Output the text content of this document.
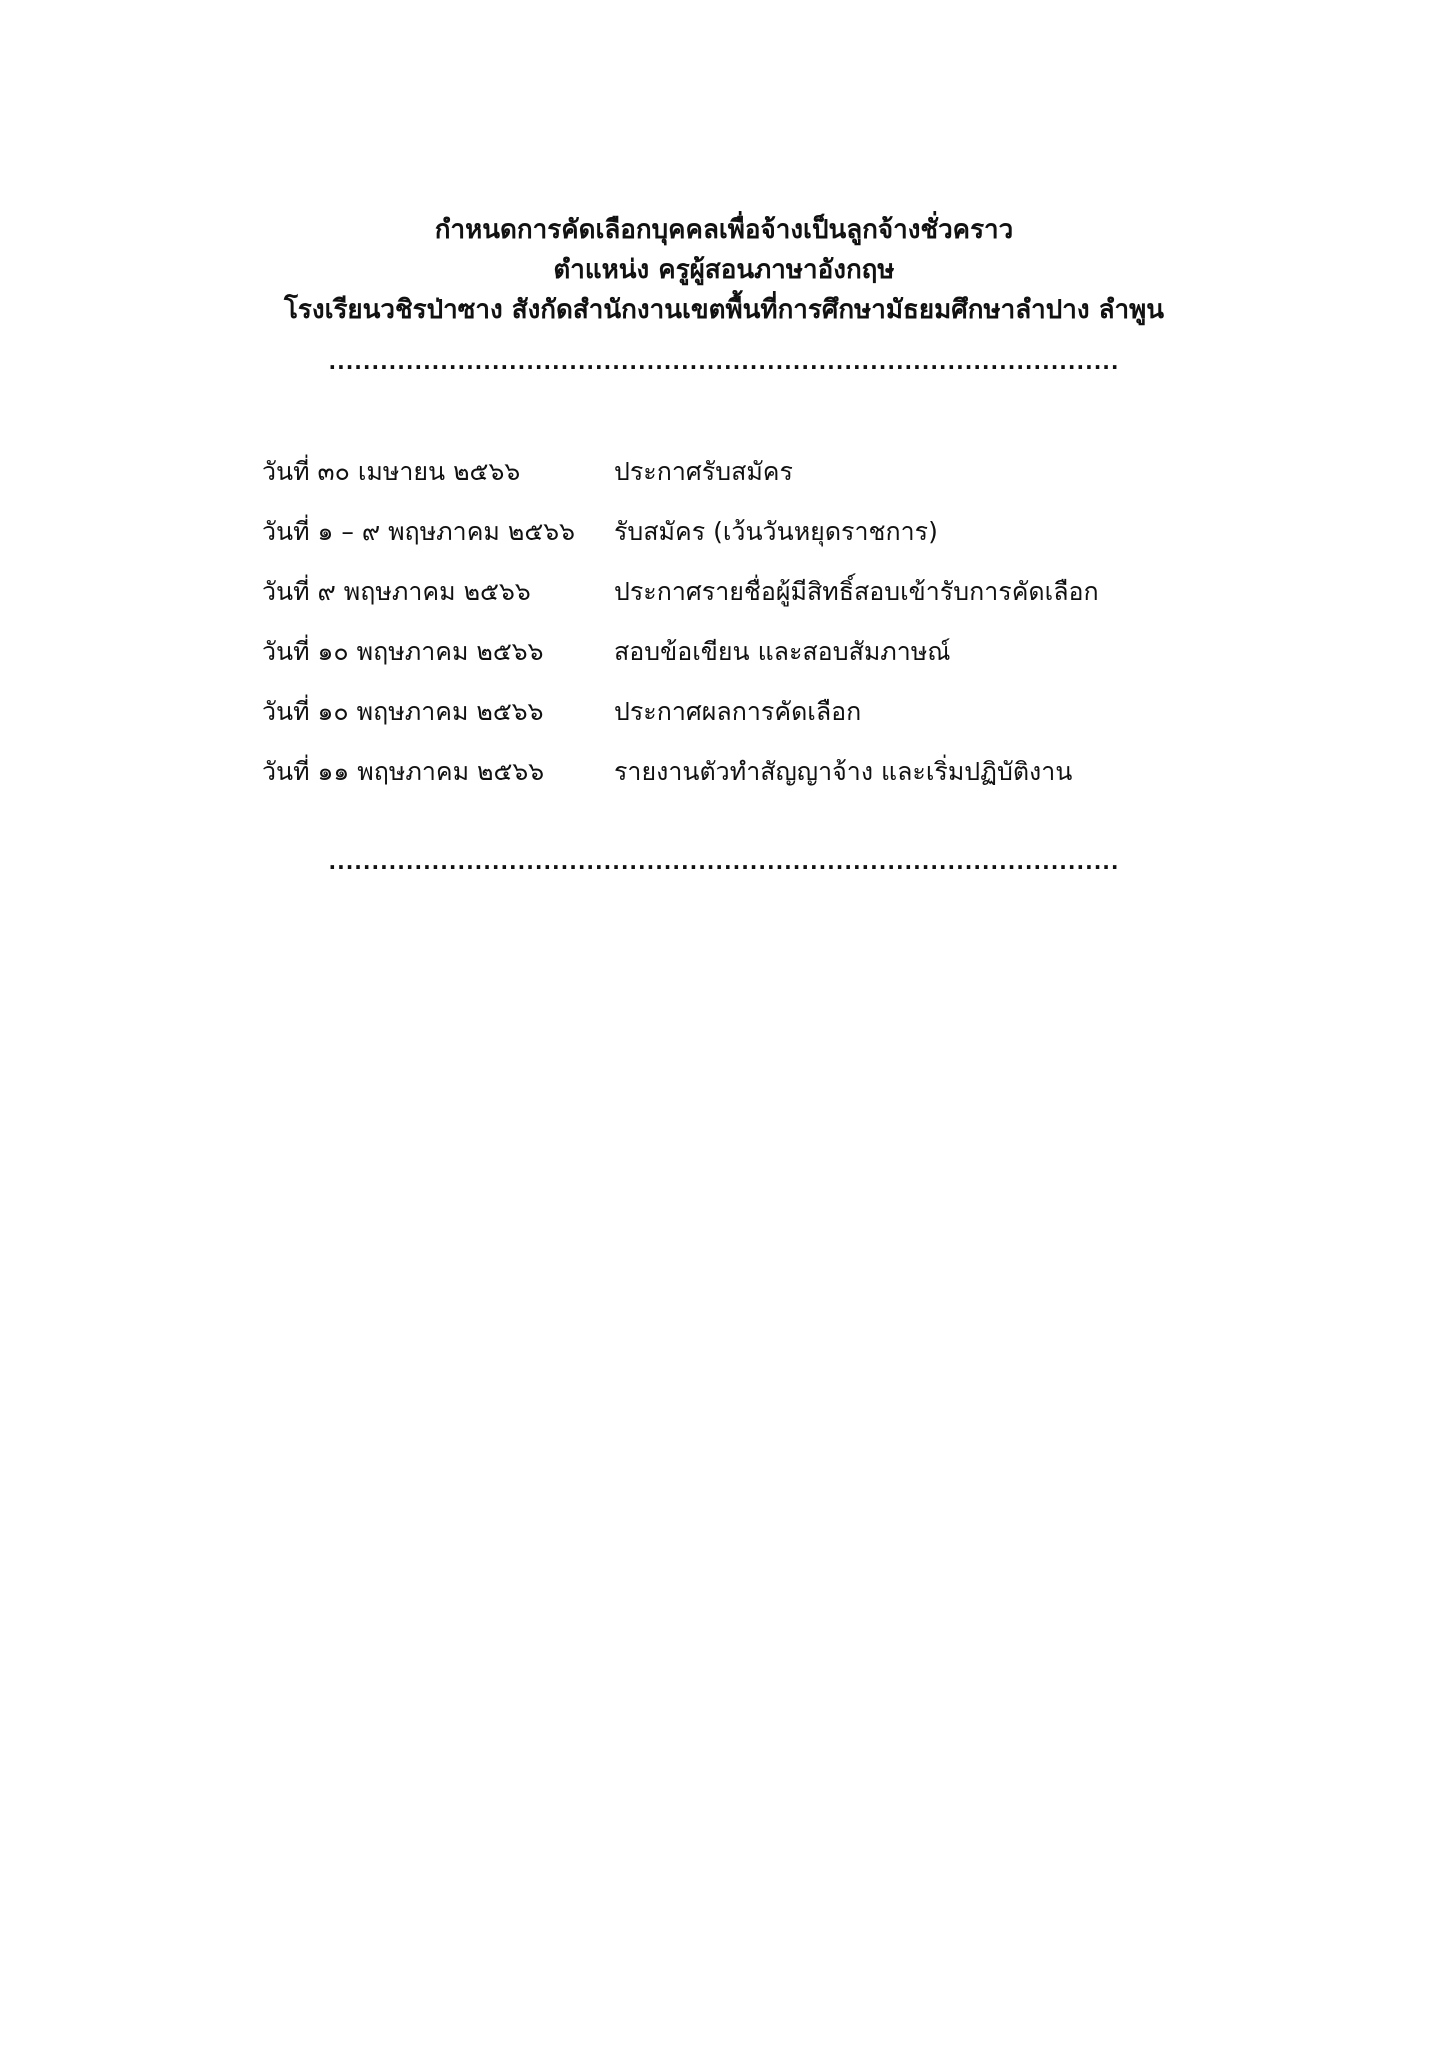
กำหนดการคัดเลือกบุคคลเพื่อจ้างเป็นลูกจ้างชั่วคราว
ตำแหน่ง ครูผู้สอนภาษาอังกฤษ
โรงเรียนวชิรป่าซาง สังกัดสำนักงานเขตพื้นที่การศึกษามัธยมศึกษาลำปาง ลำพูน
............................................................................................
วันที่ ๓๐ เมษายน ๒๕๖๖	ประกาศรับสมัคร
วันที่ ๑ – ๙ พฤษภาคม ๒๕๖๖	รับสมัคร (เว้นวันหยุดราชการ)
วันที่ ๙ พฤษภาคม ๒๕๖๖	ประกาศรายชื่อผู้มีสิทธิ์สอบเข้ารับการคัดเลือก
วันที่ ๑๐ พฤษภาคม ๒๕๖๖	สอบข้อเขียน และสอบสัมภาษณ์
วันที่ ๑๐ พฤษภาคม ๒๕๖๖	ประกาศผลการคัดเลือก
วันที่ ๑๑ พฤษภาคม ๒๕๖๖	รายงานตัวทำสัญญาจ้าง และเริ่มปฏิบัติงาน
............................................................................................
